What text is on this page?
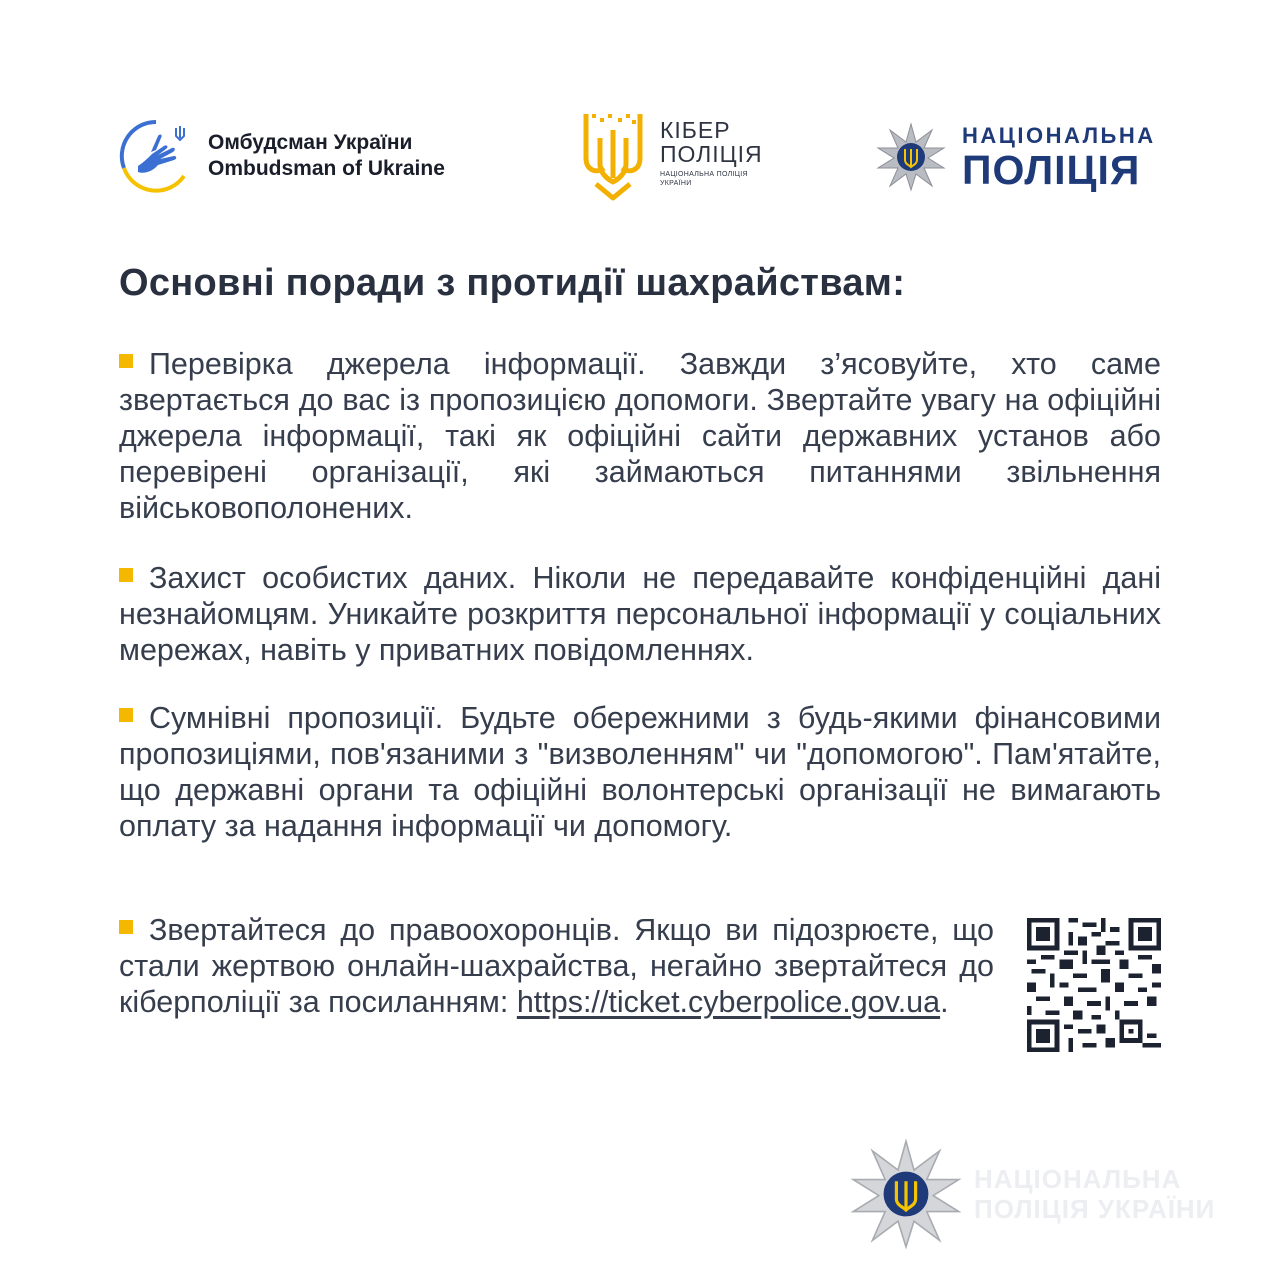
Омбудсман України
Ombudsman of Ukraine
КІБЕР
ПОЛІЦІЯ
НАЦІОНАЛЬНА ПОЛІЦІЯ
УКРАЇНИ
НАЦІОНАЛЬНА
ПОЛІЦІЯ
Основні поради з протидії шахрайствам:
Перевірка джерела інформації. Завжди з’ясовуйте, хто саме звертається до вас із пропозицією допомоги. Звертайте увагу на офіційні джерела інформації, такі як офіційні сайти державних установ або перевірені організації, які займаються питаннями звільнення військовополонених.
Захист особистих даних. Ніколи не передавайте конфіденційні дані незнайомцям. Уникайте розкриття персональної інформації у соціальних мережах, навіть у приватних повідомленнях.
Сумнівні пропозиції. Будьте обережними з будь-якими фінансовими пропозиціями, пов'язаними з "визволенням" чи "допомогою". Пам'ятайте, що державні органи та офіційні волонтерські організації не вимагають оплату за надання інформації чи допомогу.
Звертайтеся до правоохоронців. Якщо ви підозрюєте, що стали жертвою онлайн-шахрайства, негайно звертайтеся до кіберполіції за посиланням: https://ticket.cyberpolice.gov.ua.
НАЦІОНАЛЬНА
ПОЛІЦІЯ УКРАЇНИ
